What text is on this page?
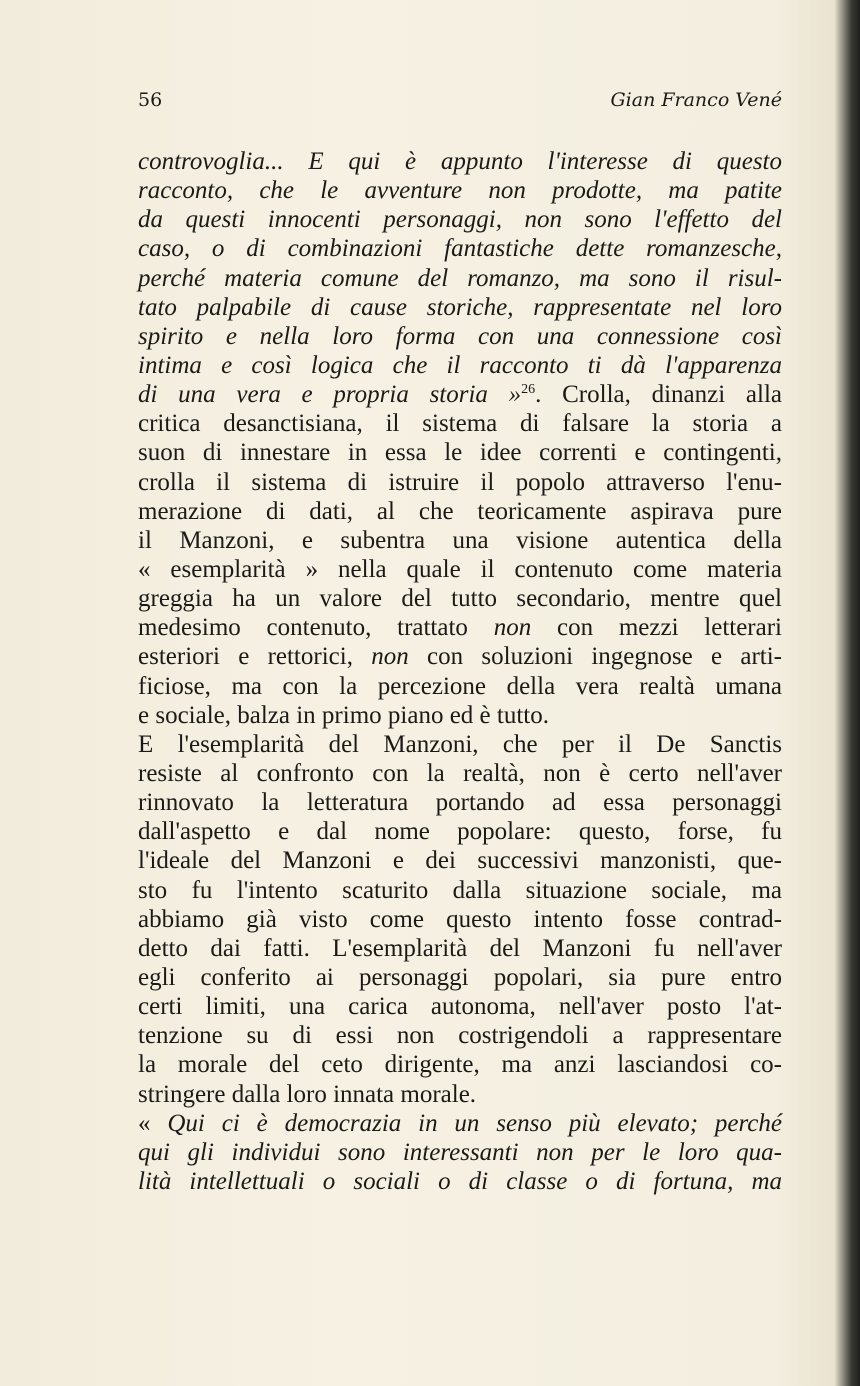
56	Gian Franco Vené
controvoglia... E qui è appunto l'interesse di questo
racconto, che le avventure non prodotte, ma patite
da questi innocenti personaggi, non sono l'effetto del
caso, o di combinazioni fantastiche dette romanzesche,
perché materia comune del romanzo, ma sono il risul-
tato palpabile di cause storiche, rappresentate nel loro
spirito e nella loro forma con una connessione così
intima e così logica che il racconto ti dà l'apparenza
di una vera e propria storia »$^{26}$. Crolla, dinanzi alla
critica desanctisiana, il sistema di falsare la storia a
suon di innestare in essa le idee correnti e contingenti,
crolla il sistema di istruire il popolo attraverso l'enu-
merazione di dati, al che teoricamente aspirava pure
il Manzoni, e subentra una visione autentica della
« esemplarità » nella quale il contenuto come materia
greggia ha un valore del tutto secondario, mentre quel
medesimo contenuto, trattato non con mezzi letterari
esteriori e rettorici, non con soluzioni ingegnose e arti-
ficiose, ma con la percezione della vera realtà umana
e sociale, balza in primo piano ed è tutto.
E l'esemplarità del Manzoni, che per il De Sanctis
resiste al confronto con la realtà, non è certo nell'aver
rinnovato la letteratura portando ad essa personaggi
dall'aspetto e dal nome popolare: questo, forse, fu
l'ideale del Manzoni e dei successivi manzonisti, que-
sto fu l'intento scaturito dalla situazione sociale, ma
abbiamo già visto come questo intento fosse contrad-
detto dai fatti. L'esemplarità del Manzoni fu nell'aver
egli conferito ai personaggi popolari, sia pure entro
certi limiti, una carica autonoma, nell'aver posto l'at-
tenzione su di essi non costrigendoli a rappresentare
la morale del ceto dirigente, ma anzi lasciandosi co-
stringere dalla loro innata morale.
« Qui ci è democrazia in un senso più elevato; perché
qui gli individui sono interessanti non per le loro qua-
lità intellettuali o sociali o di classe o di fortuna, ma
